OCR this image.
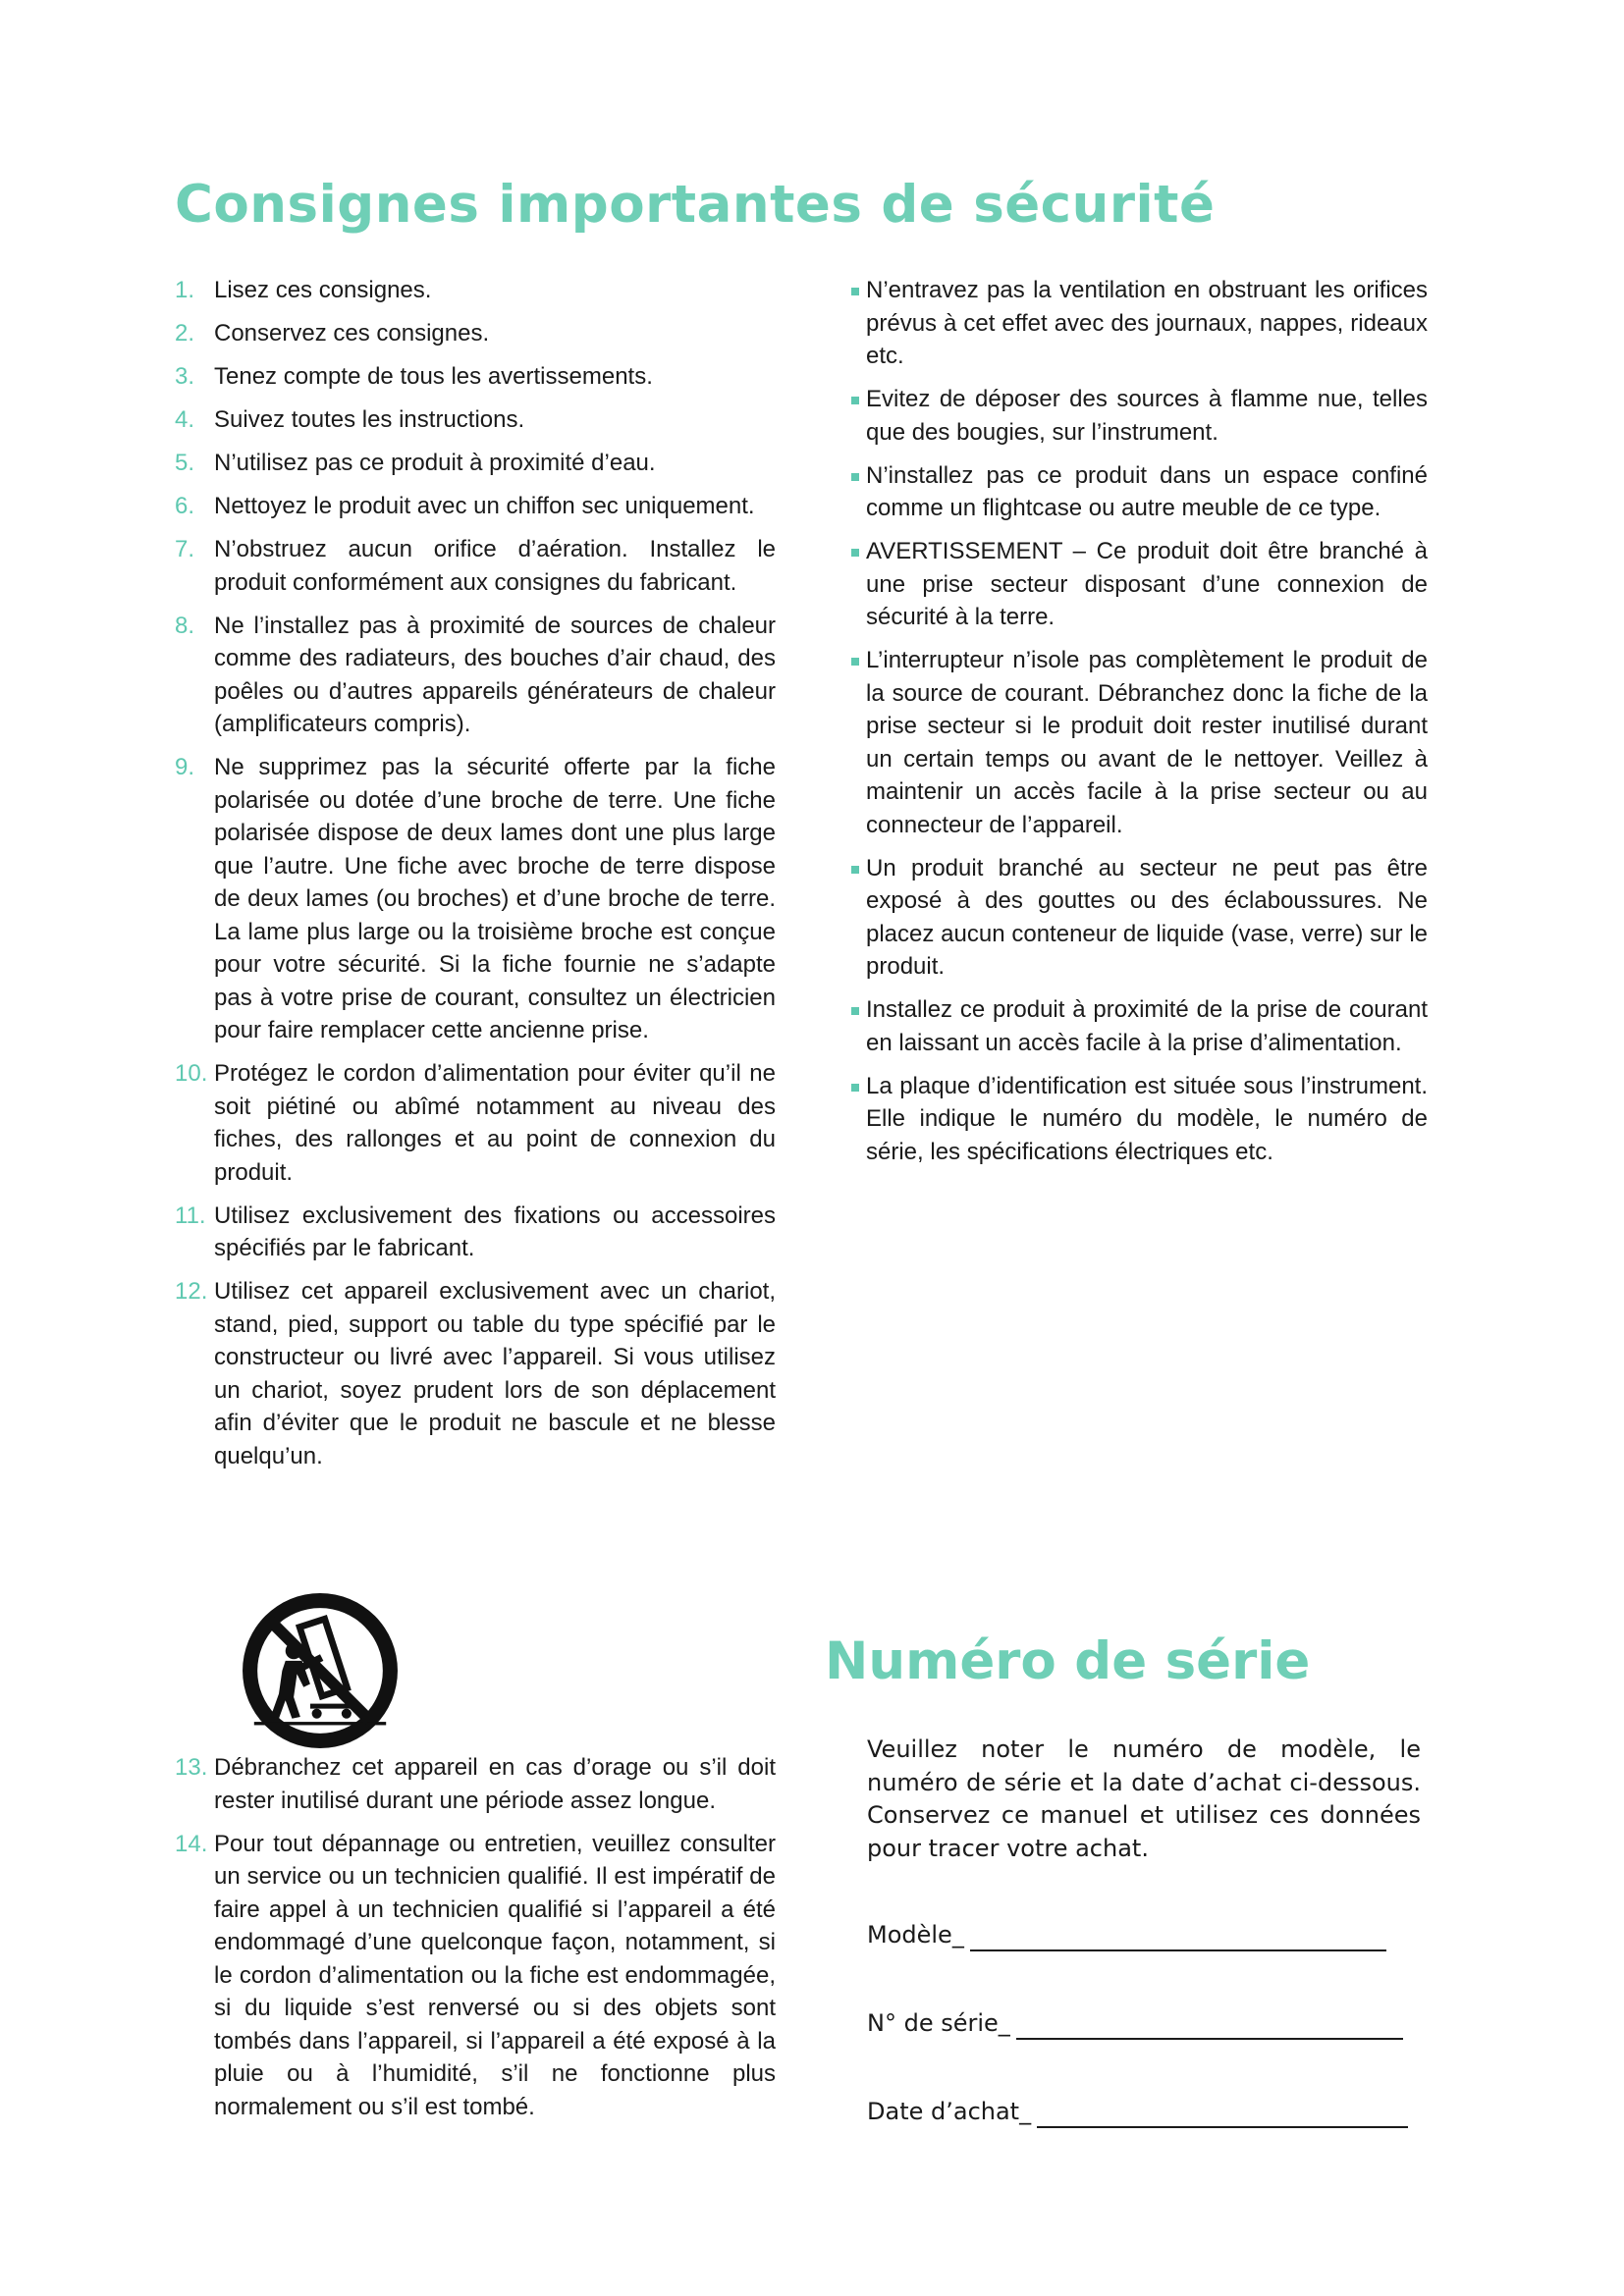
Consignes importantes de sécurité
1. Lisez ces consignes.
2. Conservez ces consignes.
3. Tenez compte de tous les avertissements.
4. Suivez toutes les instructions.
5. N’utilisez pas ce produit à proximité d’eau.
6. Nettoyez le produit avec un chiffon sec uniquement.
7. N’obstruez aucun orifice d’aération. Installez le produit conformément aux consignes du fabricant.
8. Ne l’installez pas à proximité de sources de chaleur comme des radiateurs, des bouches d’air chaud, des poêles ou d’autres appareils générateurs de chaleur (amplificateurs compris).
9. Ne supprimez pas la sécurité offerte par la fiche polarisée ou dotée d’une broche de terre. Une fiche polarisée dispose de deux lames dont une plus large que l’autre. Une fiche avec broche de terre dispose de deux lames (ou broches) et d’une broche de terre. La lame plus large ou la troisième broche est conçue pour votre sécurité. Si la fiche fournie ne s’adapte pas à votre prise de courant, consultez un électricien pour faire remplacer cette ancienne prise.
10. Protégez le cordon d’alimentation pour éviter qu’il ne soit piétiné ou abîmé notamment au niveau des fiches, des rallonges et au point de connexion du produit.
11. Utilisez exclusivement des fixations ou accessoires spécifiés par le fabricant.
12. Utilisez cet appareil exclusivement avec un chariot, stand, pied, support ou table du type spécifié par le constructeur ou livré avec l’appareil. Si vous utilisez un chariot, soyez prudent lors de son déplacement afin d’éviter que le produit ne bascule et ne blesse quelqu’un.
13. Débranchez cet appareil en cas d’orage ou s’il doit rester inutilisé durant une période assez longue.
14. Pour tout dépannage ou entretien, veuillez consulter un service ou un technicien qualifié. Il est impératif de faire appel à un technicien qualifié si l’appareil a été endommagé d’une quelconque façon, notamment, si le cordon d’alimentation ou la fiche est endommagée, si du liquide s’est renversé ou si des objets sont tombés dans l’appareil, si l’appareil a été exposé à la pluie ou à l’humidité, s’il ne fonctionne plus normalement ou s’il est tombé.
N’entravez pas la ventilation en obstruant les orifices prévus à cet effet avec des journaux, nappes, rideaux etc.
Evitez de déposer des sources à flamme nue, telles que des bougies, sur l’instrument.
N’installez pas ce produit dans un espace confiné comme un flightcase ou autre meuble de ce type.
AVERTISSEMENT – Ce produit doit être branché à une prise secteur disposant d’une connexion de sécurité à la terre.
L’interrupteur n’isole pas complètement le produit de la source de courant. Débranchez donc la fiche de la prise secteur si le produit doit rester inutilisé durant un certain temps ou avant de le nettoyer. Veillez à maintenir un accès facile à la prise secteur ou au connecteur de l’appareil.
Un produit branché au secteur ne peut pas être exposé à des gouttes ou des éclaboussures. Ne placez aucun conteneur de liquide (vase, verre) sur le produit.
Installez ce produit à proximité de la prise de courant en laissant un accès facile à la prise d’alimentation.
La plaque d’identification est située sous l’instrument. Elle indique le numéro du modèle, le numéro de série, les spécifications électriques etc.
Numéro de série

Veuillez noter le numéro de modèle, le numéro de série et la date d’achat ci-dessous. Conservez ce manuel et utilisez ces données pour tracer votre achat.

Modèle_
N° de série_
Date d’achat_
